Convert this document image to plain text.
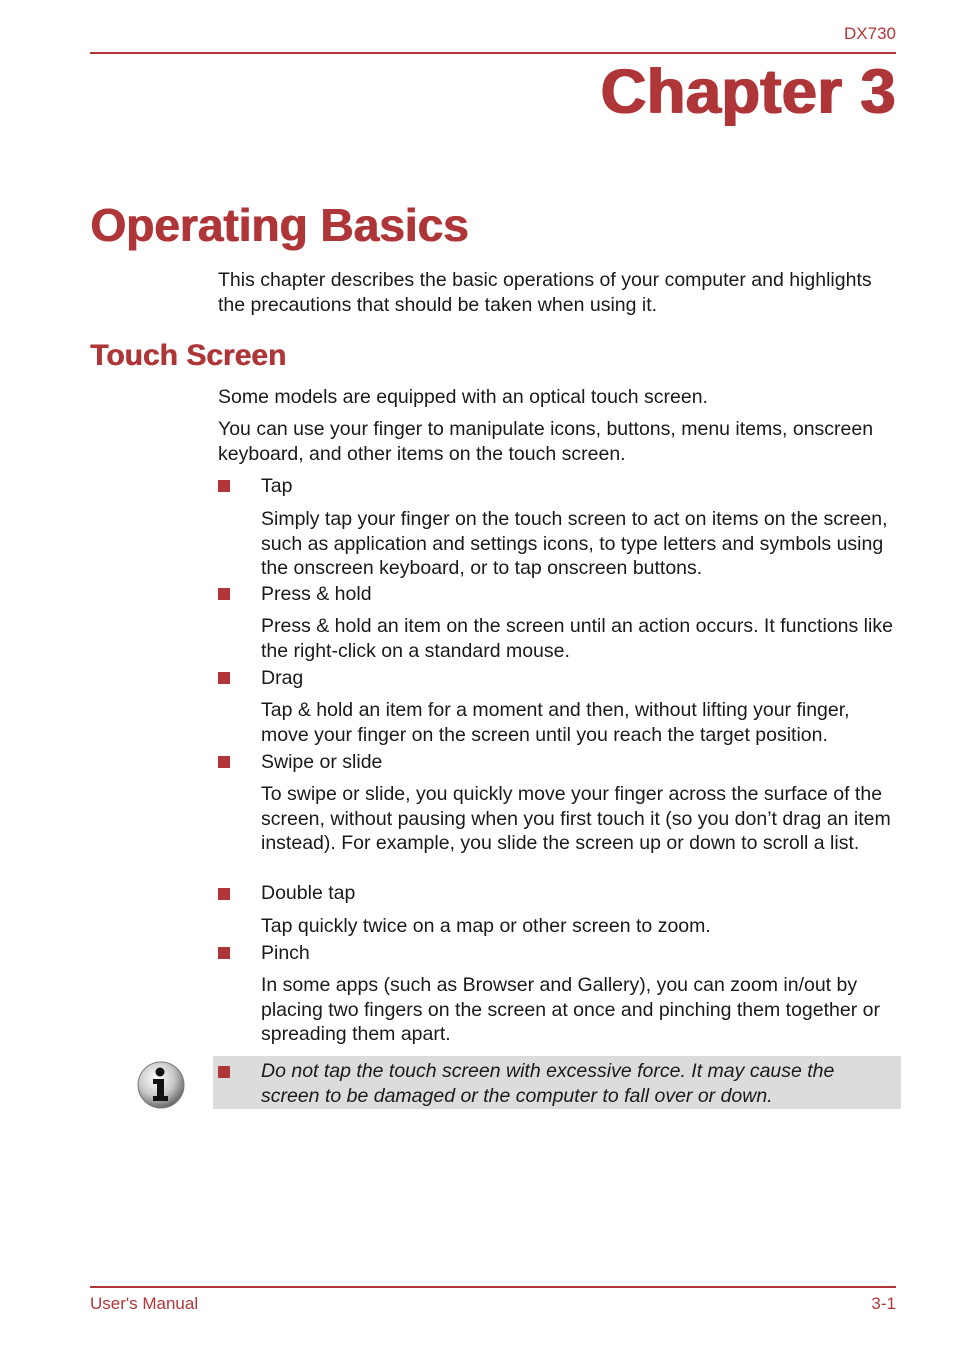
DX730
Chapter 3
Operating Basics
This chapter describes the basic operations of your computer and highlights the precautions that should be taken when using it.
Touch Screen
Some models are equipped with an optical touch screen.
You can use your finger to manipulate icons, buttons, menu items, onscreen keyboard, and other items on the touch screen.
Tap
Simply tap your finger on the touch screen to act on items on the screen, such as application and settings icons, to type letters and symbols using the onscreen keyboard, or to tap onscreen buttons.
Press & hold
Press & hold an item on the screen until an action occurs. It functions like the right-click on a standard mouse.
Drag
Tap & hold an item for a moment and then, without lifting your finger, move your finger on the screen until you reach the target position.
Swipe or slide
To swipe or slide, you quickly move your finger across the surface of the screen, without pausing when you first touch it (so you don’t drag an item instead). For example, you slide the screen up or down to scroll a list.
Double tap
Tap quickly twice on a map or other screen to zoom.
Pinch
In some apps (such as Browser and Gallery), you can zoom in/out by placing two fingers on the screen at once and pinching them together or spreading them apart.
Do not tap the touch screen with excessive force. It may cause the screen to be damaged or the computer to fall over or down.
User's Manual	3-1
